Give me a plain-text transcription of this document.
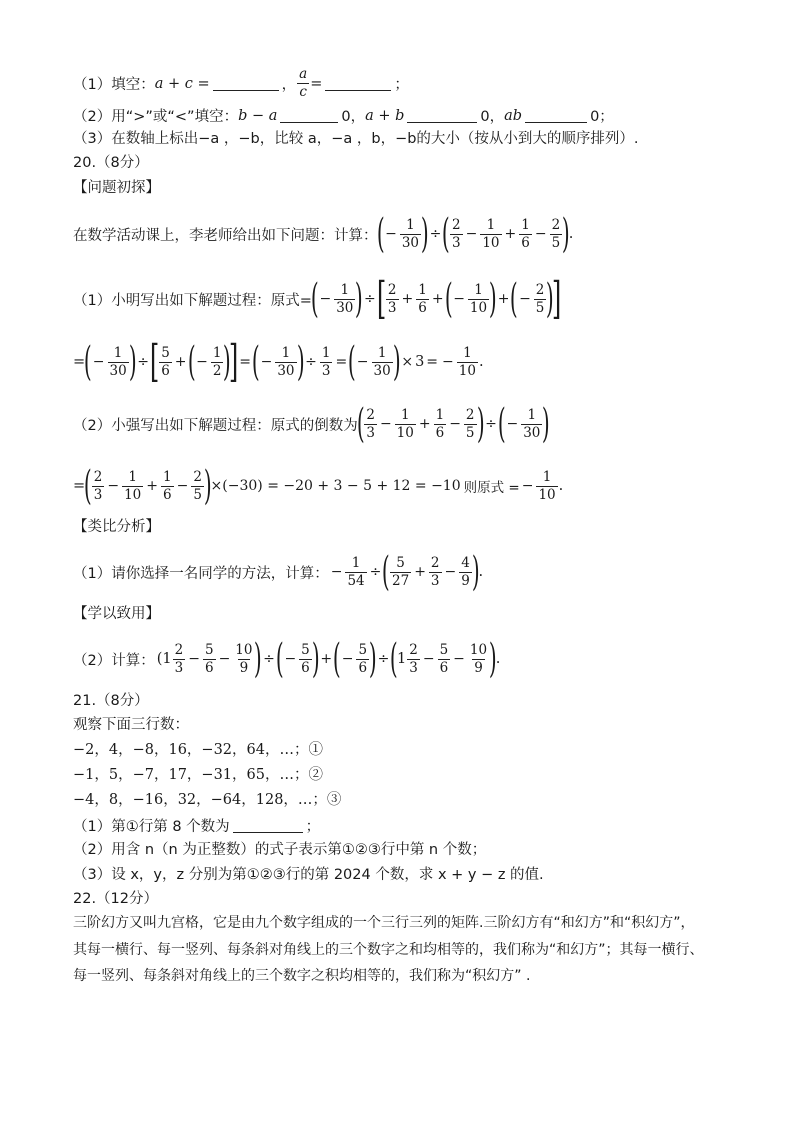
（1）填空： a + c =	， $\frac{a}{c}$ =	；
（2）用“>”或“<”填空： b − a	0， a + b	0， ab	0；
（3）在数轴上标出−a ，−b，比较 a，−a ，b，−b的大小（按从小到大的顺序排列）.
20.（8分）
【问题初探】
在数学活动课上，李老师给出如下问题：计算：
( − $\frac{1}{30}$ ) ÷ ( $\frac{2}{3} - \frac{1}{10} + \frac{1}{6} - \frac{2}{5}$ )
.
（1）小明写出如下解题过程：原式=
( − $\frac{1}{30}$ ) ÷ [ $\frac{2}{3} + \frac{1}{6}$ + ( − $\frac{1}{10}$ ) + ( − $\frac{2}{5}$ )
]
=
( − $\frac{1}{30}$ ) ÷ [ $\frac{5}{6}$ + ( − $\frac{1}{2}$ )
] = ( − $\frac{1}{30}$ ) ÷ $\frac{1}{3}$ = ( − $\frac{1}{30}$ ) × 3 = − $\frac{1}{10}$ .
（2）小强写出如下解题过程：原式的倒数为
( $\frac{2}{3} - \frac{1}{10} + \frac{1}{6} - \frac{2}{5}$ ) ÷ ( − $\frac{1}{30}$ )
=
( $\frac{2}{3} - \frac{1}{10} + \frac{1}{6} - \frac{2}{5}$ )
×(−30) = −20 + 3 − 5 + 12 = −10 则原式 = − $\frac{1}{10}$ .
【类比分析】
（1）请你选择一名同学的方法，计算： − $\frac{1}{54}$ ÷ ( $\frac{5}{27} + \frac{2}{3} - \frac{4}{9}$ )
.
【学以致用】
（2）计算： ( $1 \frac{2}{3} - \frac{5}{6} - \frac{10}{9}$ ) ÷ ( − $\frac{5}{6}$ ) + ( − $\frac{5}{6}$ ) ÷ (
$1 \frac{2}{3} - \frac{5}{6} - \frac{10}{9}$ )
.
21.（8分）
观察下面三行数：
−2，4，−8，16，−32，64，…；①
−1，5，−7，17，−31，65，…；②
−4，8，−16，32，−64，128，…；③
（1）第①行第 8 个数为	；
（2）用含 n（n 为正整数）的式子表示第①②③行中第 n 个数；
（3）设 x，y，z 分别为第①②③行的第 2024 个数，求 x + y − z 的值.
22.（12分）
三阶幻方又叫九宫格，它是由九个数字组成的一个三行三列的矩阵.三阶幻方有“和幻方”和“积幻方”，
其每一横行、每一竖列、每条斜对角线上的三个数字之和均相等的，我们称为“和幻方”；其每一横行、
每一竖列、每条斜对角线上的三个数字之积均相等的，我们称为“积幻方” .
